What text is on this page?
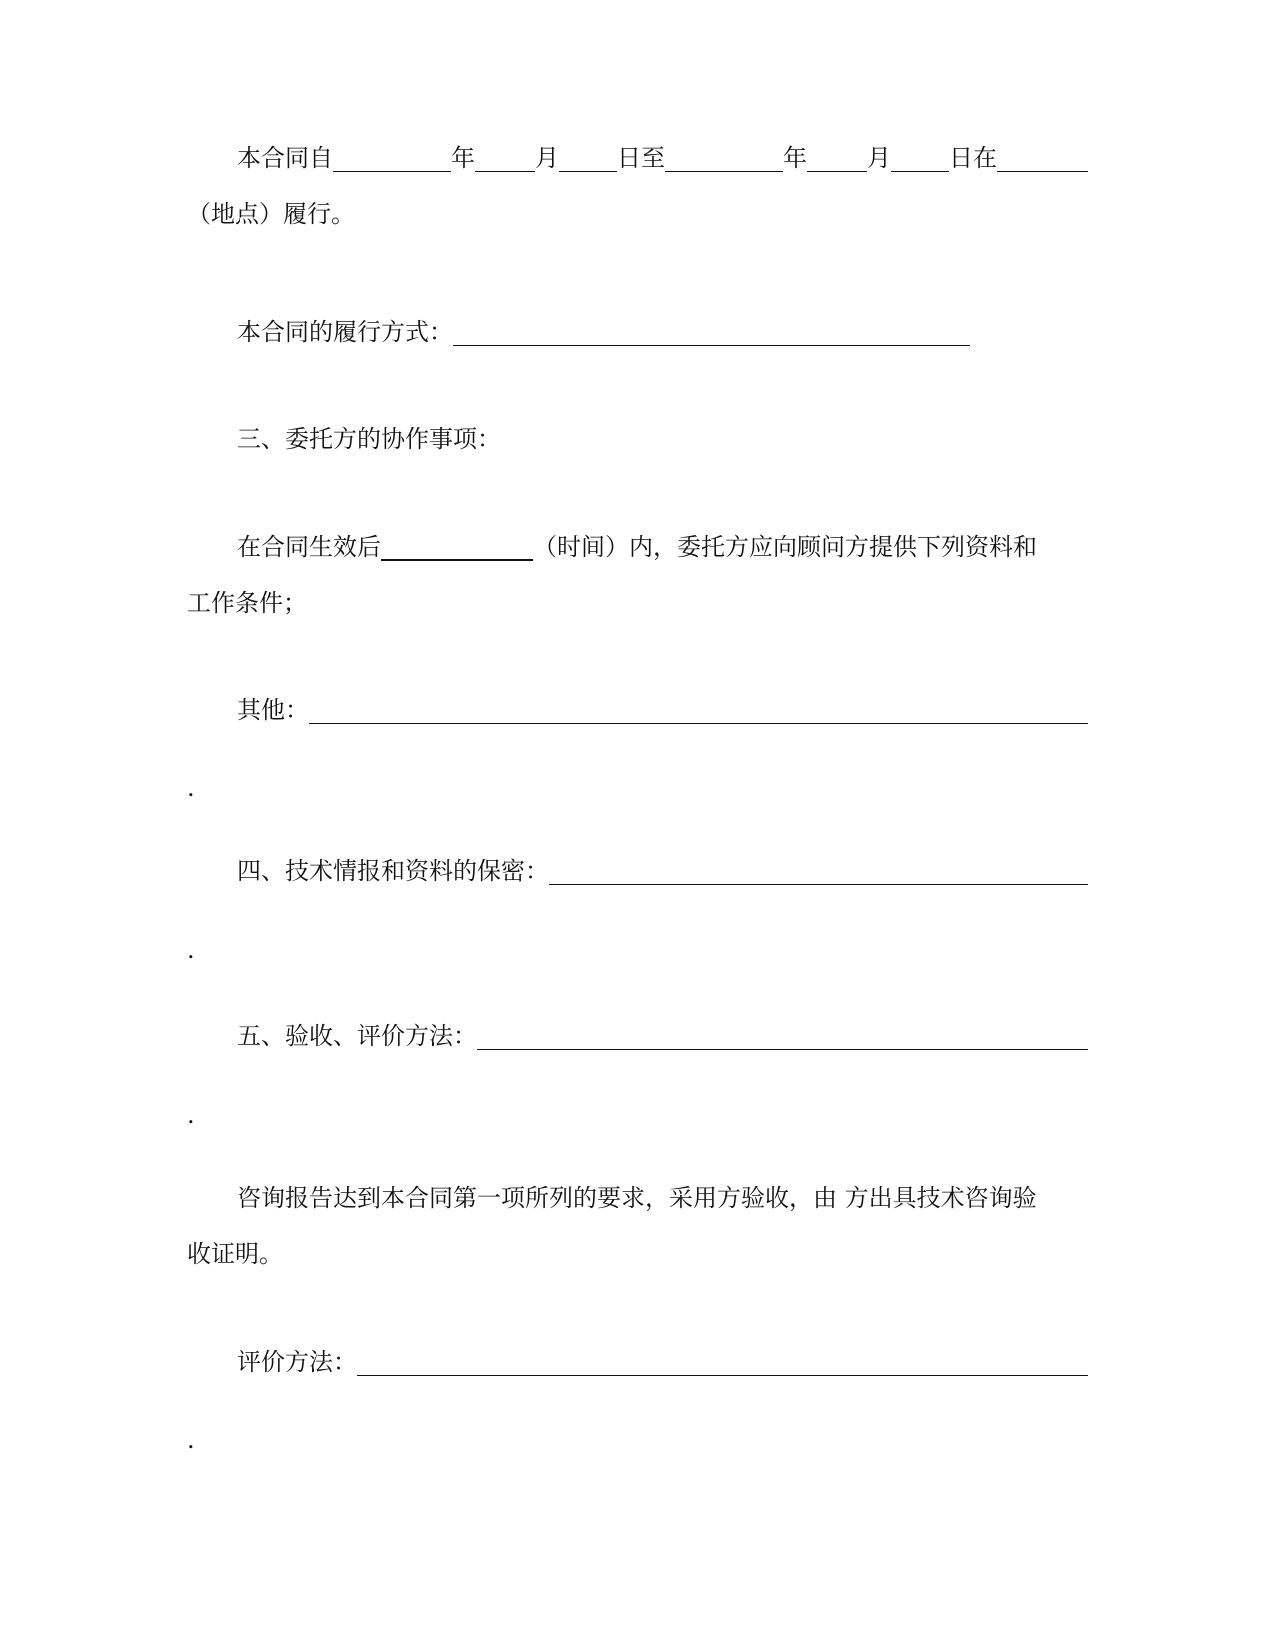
本合同自	年	月 日至	年	月 日在
（地点）履行。
本合同的履行方式：
三、委托方的协作事项：
在合同生效后	（时间）内，委托方应向顾问方提供下列资料和
工作条件；
其他：
.
四、技术情报和资料的保密：
.
五、验收、评价方法：
.
咨询报告达到本合同第一项所列的要求，采用方验收，由 方出具技术咨询验
收证明。
评价方法：
.
